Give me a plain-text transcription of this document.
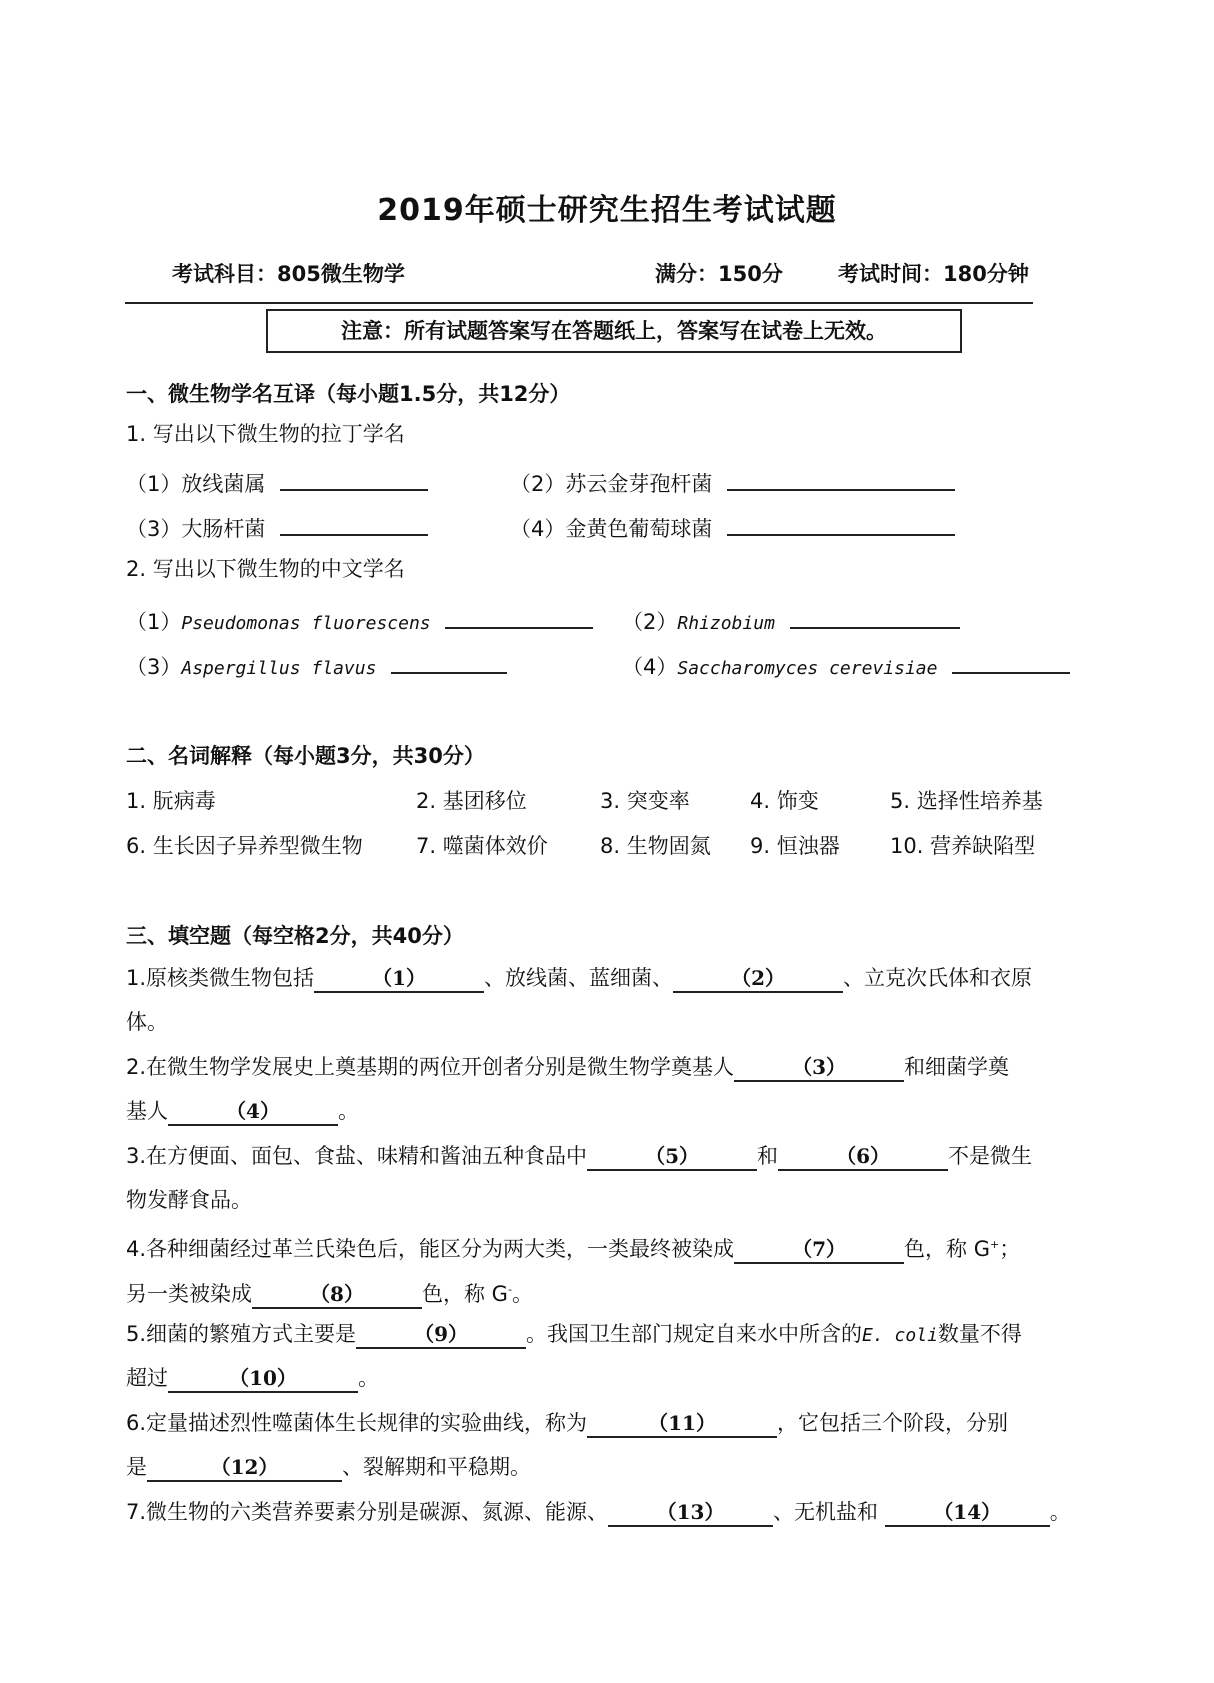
2019年硕士研究生招生考试试题
考试科目：805微生物学	满分：150分	考试时间：180分钟
注意：所有试题答案写在答题纸上，答案写在试卷上无效。
一、微生物学名互译（每小题1.5分，共12分）
1. 写出以下微生物的拉丁学名
（1）放线菌属	（2）苏云金芽孢杆菌
（3）大肠杆菌	（4）金黄色葡萄球菌
2. 写出以下微生物的中文学名
（1）Pseudomonas fluorescens	（2）Rhizobium
（3）Aspergillus flavus	（4）Saccharomyces cerevisiae
二、名词解释（每小题3分，共30分）
1. 朊病毒	2. 基团移位	3. 突变率	4. 饰变	5. 选择性培养基
6. 生长因子异养型微生物	7. 噬菌体效价 8. 生物固氮 9. 恒浊器 10. 营养缺陷型
三、填空题（每空格2分，共40分）
1.原核类微生物包括	（1）	、放线菌、蓝细菌、	（2）	、立克次氏体和衣原
体。
2.在微生物学发展史上奠基期的两位开创者分别是微生物学奠基人	（3）	和细菌学奠
基人	（4）	。
3.在方便面、面包、食盐、味精和酱油五种食品中	（5）	和	（6）	不是微生
物发酵食品。
4.各种细菌经过革兰氏染色后，能区分为两大类，一类最终被染成	（7）	色，称 G+；
另一类被染成	（8）	色，称 G-。
5.细菌的繁殖方式主要是	（9）	。我国卫生部门规定自来水中所含的E. coli数量不得
超过	（10）	。
6.定量描述烈性噬菌体生长规律的实验曲线，称为	（11）	，它包括三个阶段，分别
是	（12）	、裂解期和平稳期。
7.微生物的六类营养要素分别是碳源、氮源、能源、 （13） 、无机盐和	（14） 。
